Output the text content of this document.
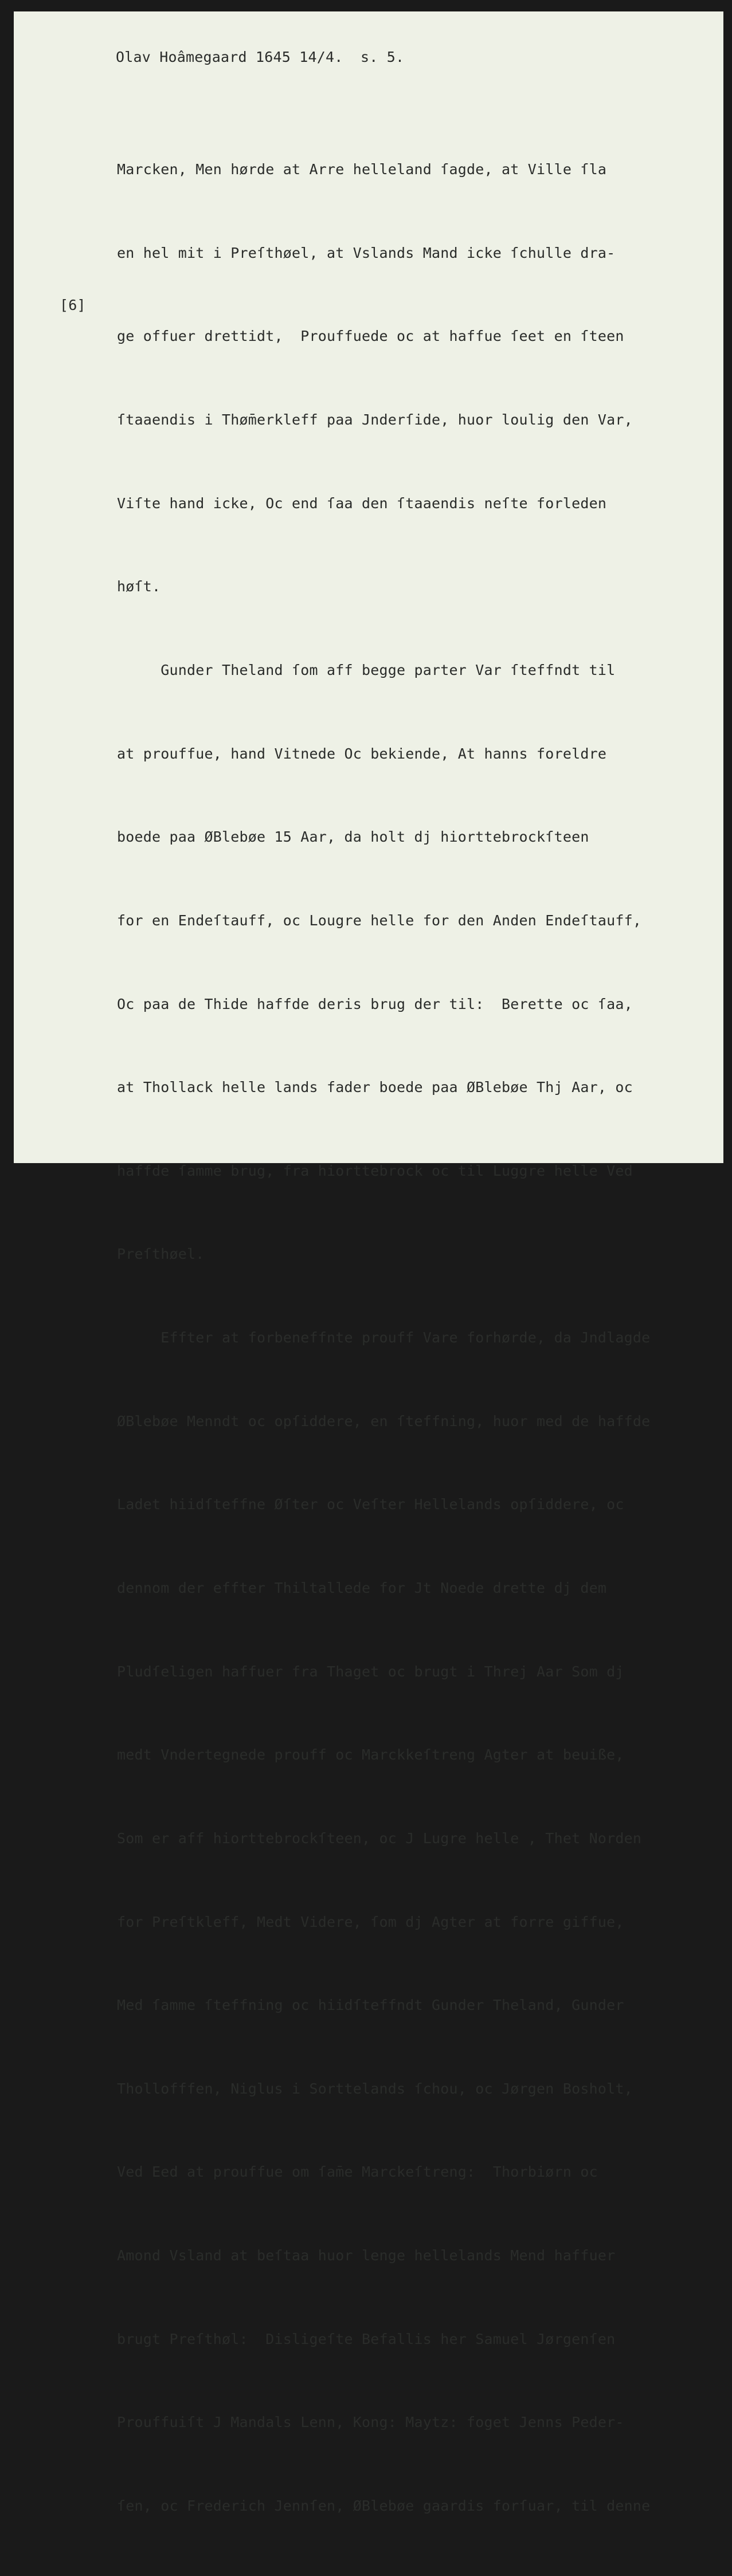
Olav Hoâmegaard 1645 14/4.  s. 5.
[6]

Marcken, Men hørde at Arre helleland ſagde, at Ville ſla

en hel mit i Preſthøel, at Vslands Mand icke ſchulle dra-

ge offuer drettidt,  Prouffuede oc at haffue ſeet en ſteen

ſtaaendis i Thøm̄erkleff paa Jnderſide, huor loulig den Var,

Viſte hand icke, Oc end ſaa den ſtaaendis neſte forleden

høſt.

Gunder Theland ſom aff begge parter Var ſteffndt til

at prouffue, hand Vitnede Oc bekiende, At hanns foreldre

boede paa ØBlebøe 15 Aar, da holt dj hiorttebrockſteen

for en Endeſtauff, oc Lougre helle for den Anden Endeſtauff,

Oc paa de Thide haffde deris brug der til:  Berette oc ſaa,

at Thollack helle lands fader boede paa ØBlebøe Thj Aar, oc

haffde ſamme brug, fra hiorttebrock oc til Luggre helle Ved

Preſthøel.

Effter at forbeneffnte prouff Vare forhørde, da Jndlagde

ØBlebøe Menndt oc opſiddere, en ſteffning, huor med de haffde

Ladet hiidſteffne Øſter oc Veſter Hellelands opſiddere, oc

dennom der effter Thiltallede for Jt Noede drette dj dem

Pludſeligen haffuer fra Thaget oc brugt i Threj Aar Som dj

medt Vndertegnede prouff oc Marckkeſtreng Agter at beuiße,

Som er aff hiorttebrockſteen, oc J Lugre helle , Thet Norden

for Preſtkleff, Medt Videre, ſom dj Agter at forre giffue,

Med ſamme ſteffning oc hiidſteffndt Gunder Theland, Gunder

Thollofffen, Niglus i Sorttelands ſchou, oc Jørgen Bosholt,

Ved Eed at prouffue om ſam̄e Marckeſtreng:  Thorbiørn oc

Amond Vsland at beſtaa huor lenge hellelands Mend haffuer

brugt Preſthøl:  Disligeſte Befallis her Samuel Jørgenſen

Prouffuiſt J Mandals Lenn, Kong: Maytz: foget Jenns Peder-

ſen, oc Frederich Jennſen, ØBlebøe gaardis forſuar, til denne
